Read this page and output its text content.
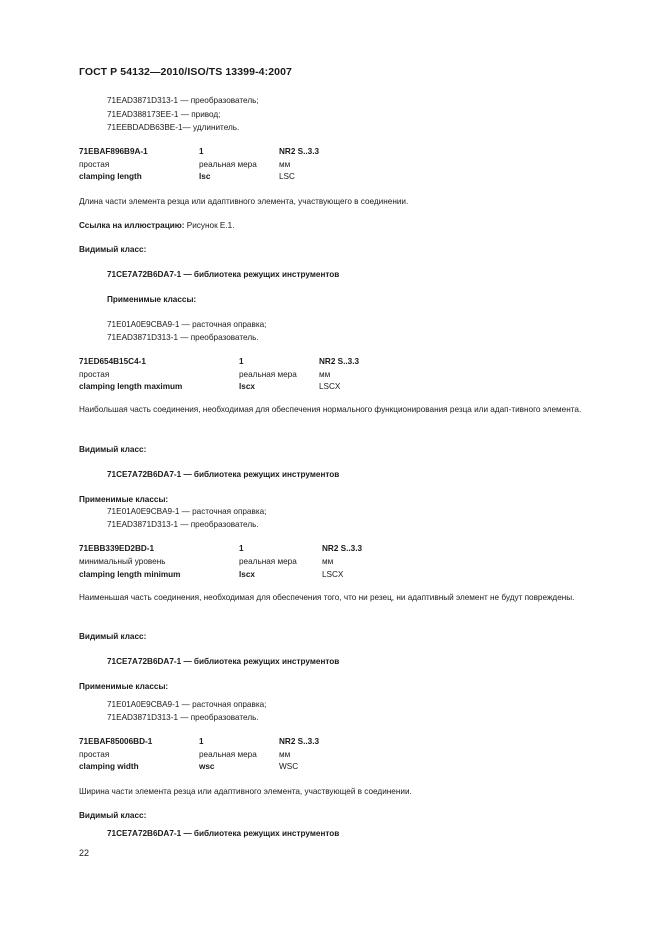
ГОСТ Р 54132—2010/ISO/TS 13399-4:2007
71EAD3871D313-1 — преобразователь;
71EAD388173EE-1 — привод;
71EEBDADB63BE-1— удлинитель.
71EBAF896B9A-1	1	NR2 S..3.3
простая	реальная мера	мм
clamping length	lsc	LSC
Длина части элемента резца или адаптивного элемента, участвующего в соединении.
Ссылка на иллюстрацию: Рисунок Е.1.
Видимый класс:
71CE7A72B6DA7-1 — библиотека режущих инструментов
Применимые классы:
71E01A0E9CBA9-1 — расточная оправка;
71EAD3871D313-1 — преобразователь.
71ED654B15C4-1	1	NR2 S..3.3
простая	реальная мера	мм
clamping length maximum	lscx	LSCX
Наибольшая часть соединения, необходимая для обеспечения нормального функционирования резца или адап-тивного элемента.
Видимый класс:
71CE7A72B6DA7-1 — библиотека режущих инструментов
Применимые классы:
71E01A0E9CBA9-1 — расточная оправка;
71EAD3871D313-1 — преобразователь.
71EBB339ED2BD-1	1	NR2 S..3.3
минимальный уровень	реальная мера	мм
clamping length minimum	lscx	LSCX
Наименьшая часть соединения, необходимая для обеспечения того, что ни резец, ни адаптивный элемент не будут повреждены.
Видимый класс:
71CE7A72B6DA7-1 — библиотека режущих инструментов
Применимые классы:
71E01A0E9CBA9-1 — расточная оправка;
71EAD3871D313-1 — преобразователь.
71EBAF85006BD-1	1	NR2 S..3.3
простая	реальная мера	мм
clamping width	wsc	WSC
Ширина части элемента резца или адаптивного элемента, участвующей в соединении.
Видимый класс:
71CE7A72B6DA7-1 — библиотека режущих инструментов
22
